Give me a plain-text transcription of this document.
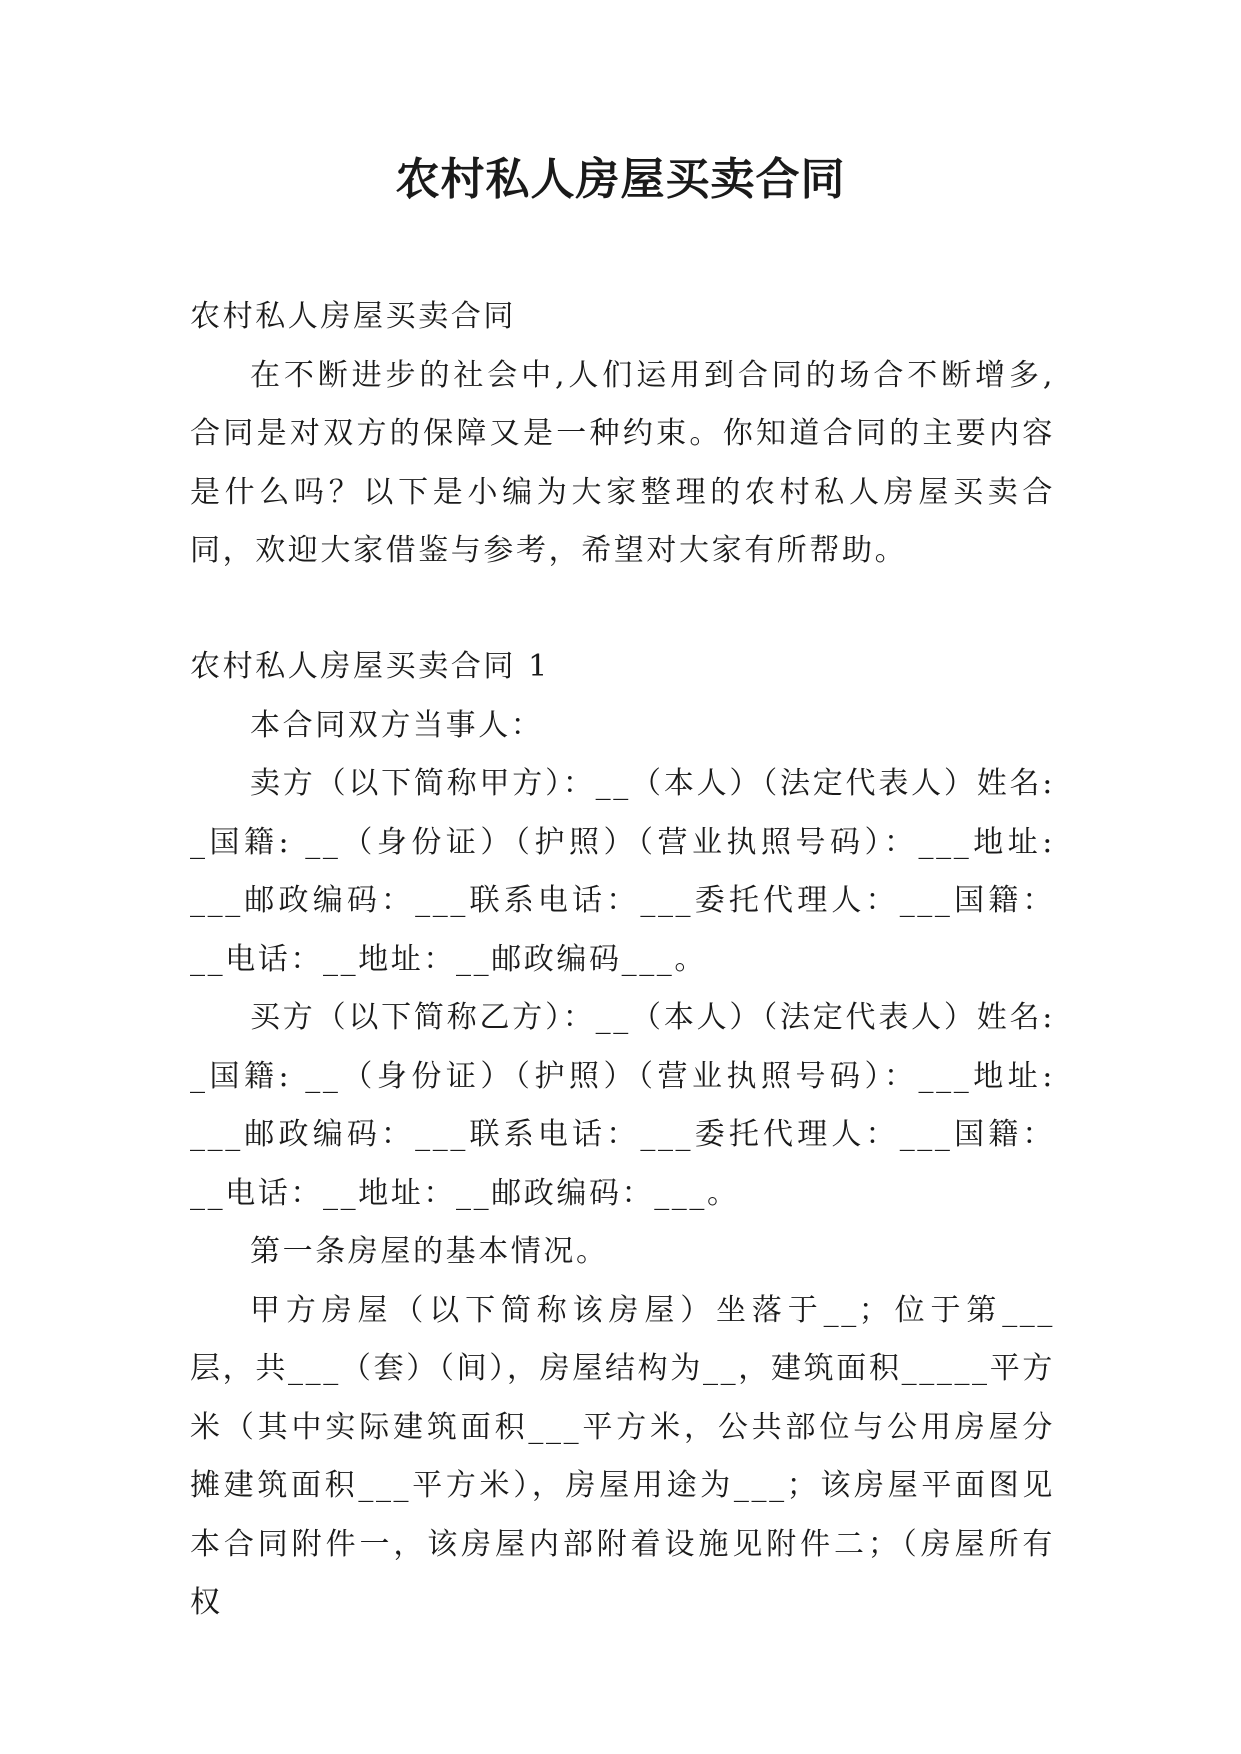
农村私人房屋买卖合同

农村私人房屋买卖合同

在不断进步的社会中,人们运用到合同的场合不断增多,合同是对双方的保障又是一种约束。你知道合同的主要内容是什么吗？以下是小编为大家整理的农村私人房屋买卖合同，欢迎大家借鉴与参考，希望对大家有所帮助。

农村私人房屋买卖合同 1

本合同双方当事人：

卖方（以下简称甲方）：__（本人）（法定代表人）姓名: _国籍: __（身份证）（护照）（营业执照号码）：___地址: ___邮政编码：___联系电话：___委托代理人：___国籍：__电话：__地址：__邮政编码___。

买方（以下简称乙方）：__（本人）（法定代表人）姓名: _国籍: __（身份证）（护照）（营业执照号码）：___地址: ___邮政编码：___联系电话：___委托代理人：___国籍：__电话：__地址：__邮政编码：___。

第一条房屋的基本情况。

甲方房屋（以下简称该房屋）坐落于__；位于第___层，共___（套）（间），房屋结构为__，建筑面积_____平方米（其中实际建筑面积___平方米，公共部位与公用房屋分摊建筑面积___平方米），房屋用途为___；该房屋平面图见本合同附件一，该房屋内部附着设施见附件二；（房屋所有权
